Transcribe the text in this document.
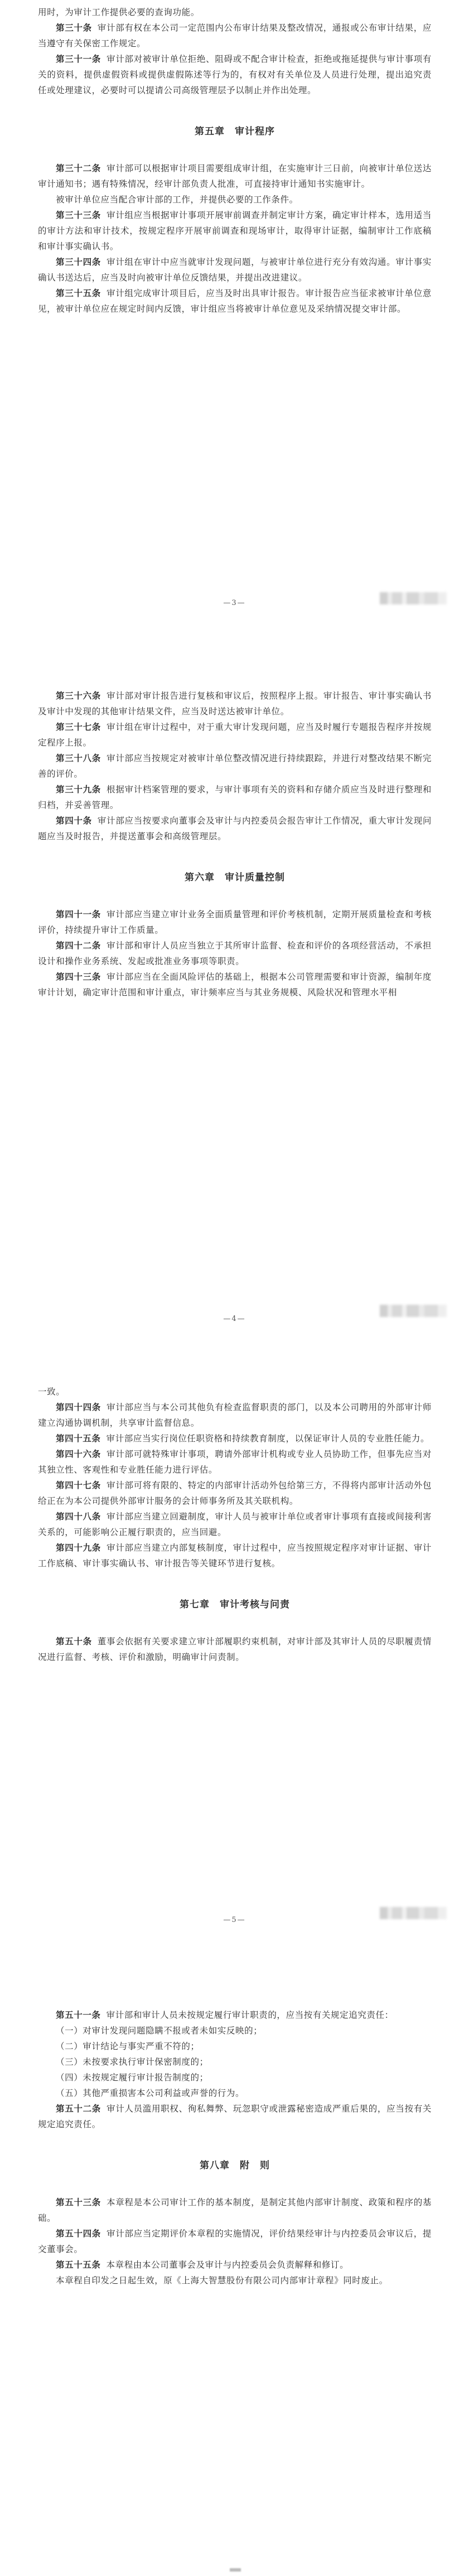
用时，为审计工作提供必要的查询功能。

第三十条 审计部有权在本公司一定范围内公布审计结果及整改情况，通报或公布审计结果，应当遵守有关保密工作规定。

第三十一条 审计部对被审计单位拒绝、阻碍或不配合审计检查，拒绝或拖延提供与审计事项有关的资料，提供虚假资料或提供虚假陈述等行为的，有权对有关单位及人员进行处理，提出追究责任或处理建议，必要时可以提请公司高级管理层予以制止并作出处理。

第五章　审计程序

第三十二条 审计部可以根据审计项目需要组成审计组，在实施审计三日前，向被审计单位送达审计通知书；遇有特殊情况，经审计部负责人批准，可直接持审计通知书实施审计。

被审计单位应当配合审计部的工作，并提供必要的工作条件。

第三十三条 审计组应当根据审计事项开展审前调查并制定审计方案，确定审计样本，选用适当的审计方法和审计技术，按规定程序开展审前调查和现场审计，取得审计证据，编制审计工作底稿和审计事实确认书。

第三十四条 审计组在审计中应当就审计发现问题，与被审计单位进行充分有效沟通。审计事实确认书送达后，应当及时向被审计单位反馈结果，并提出改进建议。

第三十五条 审计组完成审计项目后，应当及时出具审计报告。审计报告应当征求被审计单位意见，被审计单位应在规定时间内反馈，审计组应当将被审计单位意见及采纳情况提交审计部。

—3—

第三十六条 审计部对审计报告进行复核和审议后，按照程序上报。审计报告、审计事实确认书及审计中发现的其他审计结果文件，应当及时送达被审计单位。

第三十七条 审计组在审计过程中，对于重大审计发现问题，应当及时履行专题报告程序并按规定程序上报。

第三十八条 审计部应当按规定对被审计单位整改情况进行持续跟踪，并进行对整改结果不断完善的评价。

第三十九条 根据审计档案管理的要求，与审计事项有关的资料和存储介质应当及时进行整理和归档，并妥善管理。

第四十条 审计部应当按要求向董事会及审计与内控委员会报告审计工作情况，重大审计发现问题应当及时报告，并提送董事会和高级管理层。

第六章　审计质量控制

第四十一条 审计部应当建立审计业务全面质量管理和评价考核机制，定期开展质量检查和考核评价，持续提升审计工作质量。

第四十二条 审计部和审计人员应当独立于其所审计监督、检查和评价的各项经营活动，不承担设计和操作业务系统、发起或批准业务事项等职责。

第四十三条 审计部应当在全面风险评估的基础上，根据本公司管理需要和审计资源，编制年度审计计划，确定审计范围和审计重点，审计频率应当与其业务规模、风险状况和管理水平相

—4—

一致。

第四十四条 审计部应当与本公司其他负有检查监督职责的部门，以及本公司聘用的外部审计师建立沟通协调机制，共享审计监督信息。

第四十五条 审计部应当实行岗位任职资格和持续教育制度，以保证审计人员的专业胜任能力。

第四十六条 审计部可就特殊审计事项，聘请外部审计机构或专业人员协助工作，但事先应当对其独立性、客观性和专业胜任能力进行评估。

第四十七条 审计部可将有限的、特定的内部审计活动外包给第三方，不得将内部审计活动外包给正在为本公司提供外部审计服务的会计师事务所及其关联机构。

第四十八条 审计部应当建立回避制度，审计人员与被审计单位或者审计事项有直接或间接利害关系的，可能影响公正履行职责的，应当回避。

第四十九条 审计部应当建立内部复核制度，审计过程中，应当按照规定程序对审计证据、审计工作底稿、审计事实确认书、审计报告等关键环节进行复核。

第七章　审计考核与问责

第五十条 董事会依据有关要求建立审计部履职约束机制，对审计部及其审计人员的尽职履责情况进行监督、考核、评价和激励，明确审计问责制。

—5—

第五十一条 审计部和审计人员未按规定履行审计职责的，应当按有关规定追究责任：

（一）对审计发现问题隐瞒不报或者未如实反映的；

（二）审计结论与事实严重不符的；

（三）未按要求执行审计保密制度的；

（四）未按规定履行审计报告制度的；

（五）其他严重损害本公司利益或声誉的行为。

第五十二条 审计人员滥用职权、徇私舞弊、玩忽职守或泄露秘密造成严重后果的，应当按有关规定追究责任。

第八章　附　则

第五十三条 本章程是本公司审计工作的基本制度，是制定其他内部审计制度、政策和程序的基础。

第五十四条 审计部应当定期评价本章程的实施情况，评价结果经审计与内控委员会审议后，提交董事会。

第五十五条 本章程由本公司董事会及审计与内控委员会负责解释和修订。

本章程自印发之日起生效，原《上海大智慧股份有限公司内部审计章程》同时废止。
